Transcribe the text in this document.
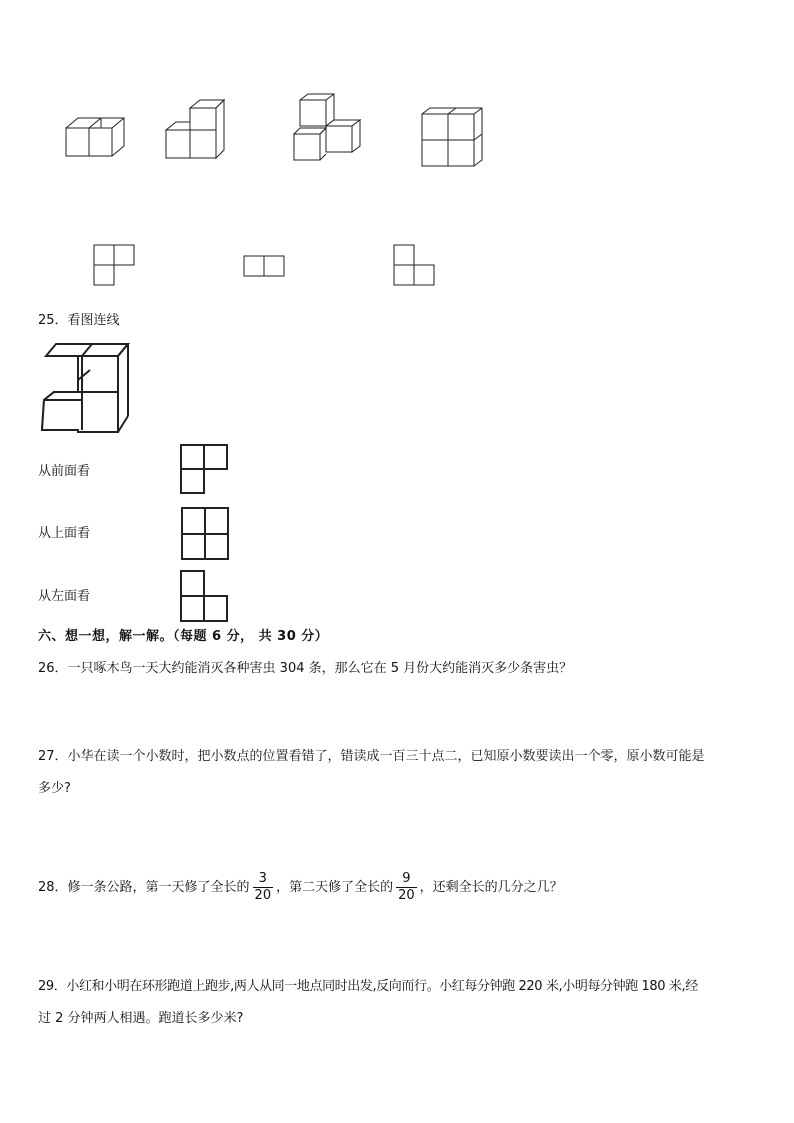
25．看图连线
从前面看
从上面看
从左面看
六、想一想，解一解。（每题 6 分， 共 30 分）
26．一只啄木鸟一天大约能消灭各种害虫 304 条，那么它在 5 月份大约能消灭多少条害虫？
27．小华在读一个小数时，把小数点的位置看错了，错读成一百三十点二，已知原小数要读出一个零，原小数可能是
多少?
28．修一条公路，第一天修了全长的 $\frac{3}{20}$ ，第二天修了全长的 $\frac{9}{20}$ ，还剩全长的几分之几？
29．小红和小明在环形跑道上跑步,两人从同一地点同时出发,反向而行。小红每分钟跑 220 米,小明每分钟跑 180 米,经
过 2 分钟两人相遇。跑道长多少米?
